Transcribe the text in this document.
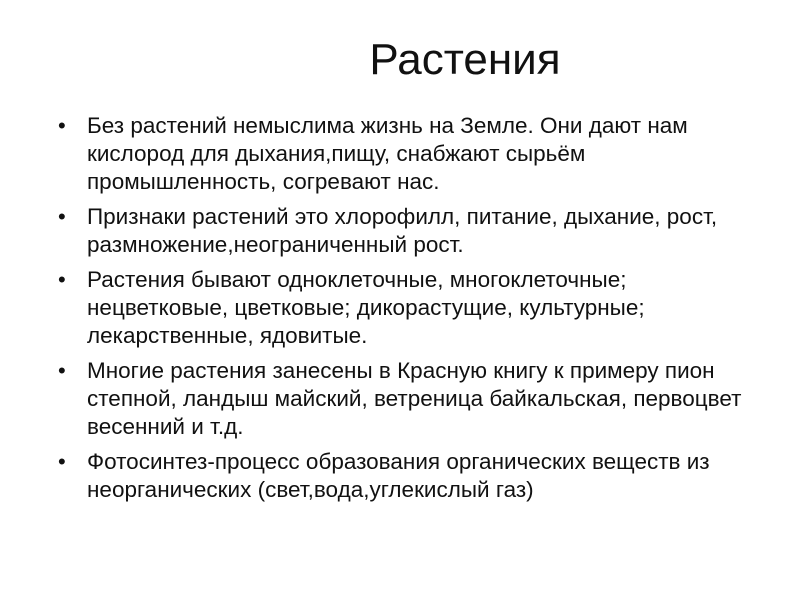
Растения
• Без растений немыслима жизнь на Земле. Они дают нам кислород для дыхания,пищу, снабжают сырьём промышленность, согревают нас.
• Признаки растений это хлорофилл, питание, дыхание, рост, размножение,неограниченный рост.
• Растения бывают одноклеточные, многоклеточные; нецветковые, цветковые; дикорастущие, культурные; лекарственные, ядовитые.
• Многие растения занесены в Красную книгу к примеру пион степной, ландыш майский, ветреница байкальская, первоцвет весенний и т.д.
• Фотосинтез-процесс образования органических веществ из неорганических (свет,вода,углекислый газ)
